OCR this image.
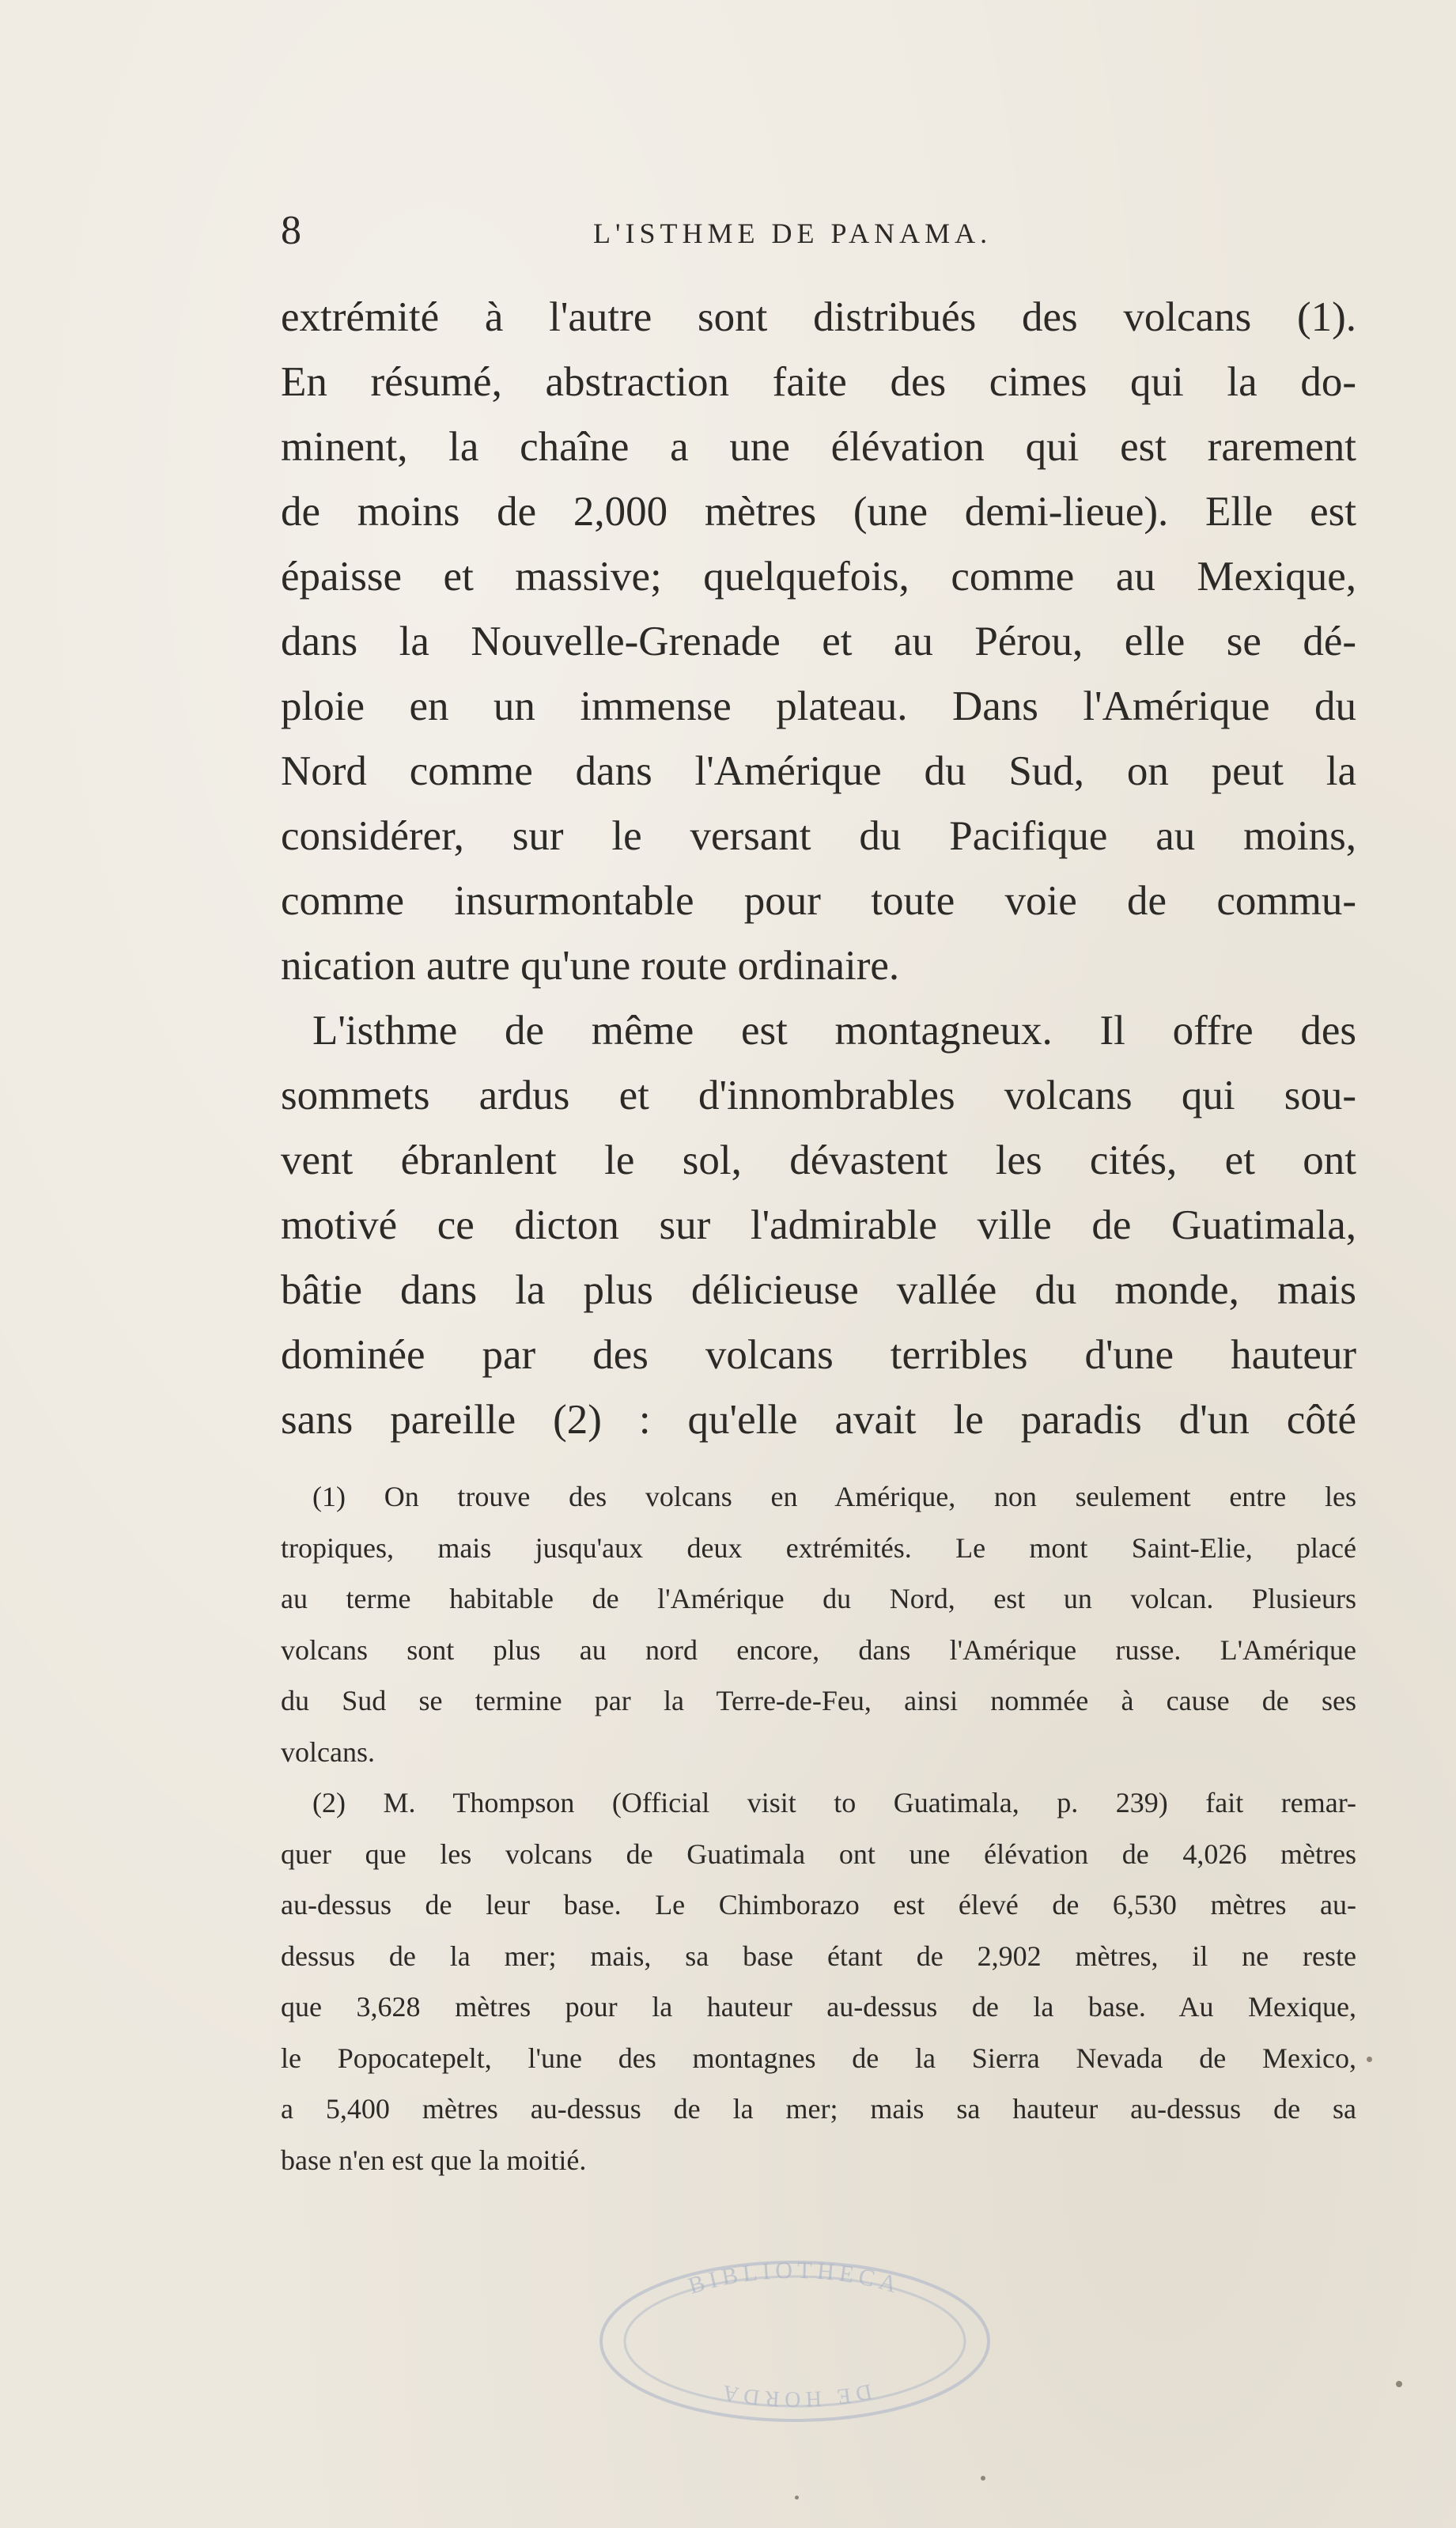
8	L'ISTHME DE PANAMA.
extrémité à l'autre sont distribués des volcans (1).
En résumé, abstraction faite des cimes qui la do-
minent, la chaîne a une élévation qui est rarement
de moins de 2,000 mètres (une demi-lieue). Elle est
épaisse et massive; quelquefois, comme au Mexique,
dans la Nouvelle-Grenade et au Pérou, elle se dé-
ploie en un immense plateau. Dans l'Amérique du
Nord comme dans l'Amérique du Sud, on peut la
considérer, sur le versant du Pacifique au moins,
comme insurmontable pour toute voie de commu-
nication autre qu'une route ordinaire.
L'isthme de même est montagneux. Il offre des
sommets ardus et d'innombrables volcans qui sou-
vent ébranlent le sol, dévastent les cités, et ont
motivé ce dicton sur l'admirable ville de Guatimala,
bâtie dans la plus délicieuse vallée du monde, mais
dominée par des volcans terribles d'une hauteur
sans pareille (2) : qu'elle avait le paradis d'un côté
(1) On trouve des volcans en Amérique, non seulement entre les
tropiques, mais jusqu'aux deux extrémités. Le mont Saint-Elie, placé
au terme habitable de l'Amérique du Nord, est un volcan. Plusieurs
volcans sont plus au nord encore, dans l'Amérique russe. L'Amérique
du Sud se termine par la Terre-de-Feu, ainsi nommée à cause de ses
volcans.
(2) M. Thompson (Official visit to Guatimala, p. 239) fait remar-
quer que les volcans de Guatimala ont une élévation de 4,026 mètres
au-dessus de leur base. Le Chimborazo est élevé de 6,530 mètres au-
dessus de la mer; mais, sa base étant de 2,902 mètres, il ne reste
que 3,628 mètres pour la hauteur au-dessus de la base. Au Mexique,
le Popocatepelt, l'une des montagnes de la Sierra Nevada de Mexico,
a 5,400 mètres au-dessus de la mer; mais sa hauteur au-dessus de sa
base n'en est que la moitié.
BIBLIOTHECA
DE HORDA
